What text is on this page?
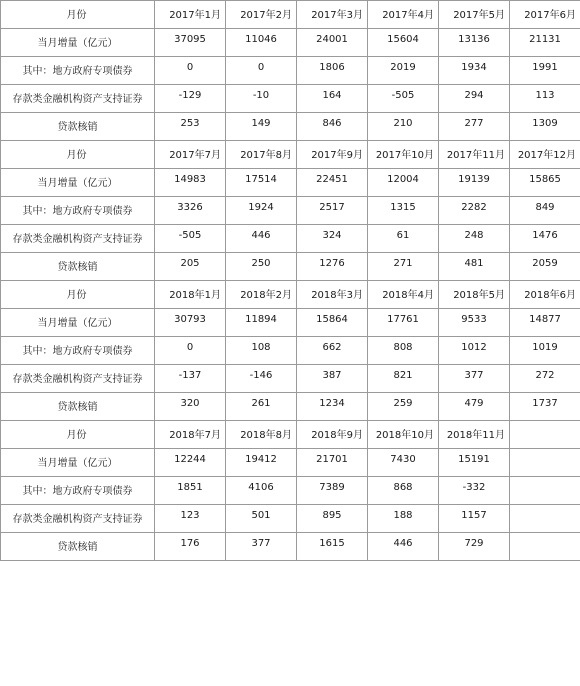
月份	2017年1月	2017年2月	2017年3月	2017年4月	2017年5月	2017年6月
当月增量（亿元）	37095	11046	24001	15604	13136	21131
其中：地方政府专项债券	0	0	1806	2019	1934	1991
存款类金融机构资产支持证券	-129	-10	164	-505	294	113
贷款核销	253	149	846	210	277	1309
月份	2017年7月	2017年8月	2017年9月	2017年10月	2017年11月	2017年12月
当月增量（亿元）	14983	17514	22451	12004	19139	15865
其中：地方政府专项债券	3326	1924	2517	1315	2282	849
存款类金融机构资产支持证券	-505	446	324	61	248	1476
贷款核销	205	250	1276	271	481	2059
月份	2018年1月	2018年2月	2018年3月	2018年4月	2018年5月	2018年6月
当月增量（亿元）	30793	11894	15864	17761	9533	14877
其中：地方政府专项债券	0	108	662	808	1012	1019
存款类金融机构资产支持证券	-137	-146	387	821	377	272
贷款核销	320	261	1234	259	479	1737
月份	2018年7月	2018年8月	2018年9月	2018年10月	2018年11月	
当月增量（亿元）	12244	19412	21701	7430	15191	
其中：地方政府专项债券	1851	4106	7389	868	-332	
存款类金融机构资产支持证券	123	501	895	188	1157	
贷款核销	176	377	1615	446	729	
